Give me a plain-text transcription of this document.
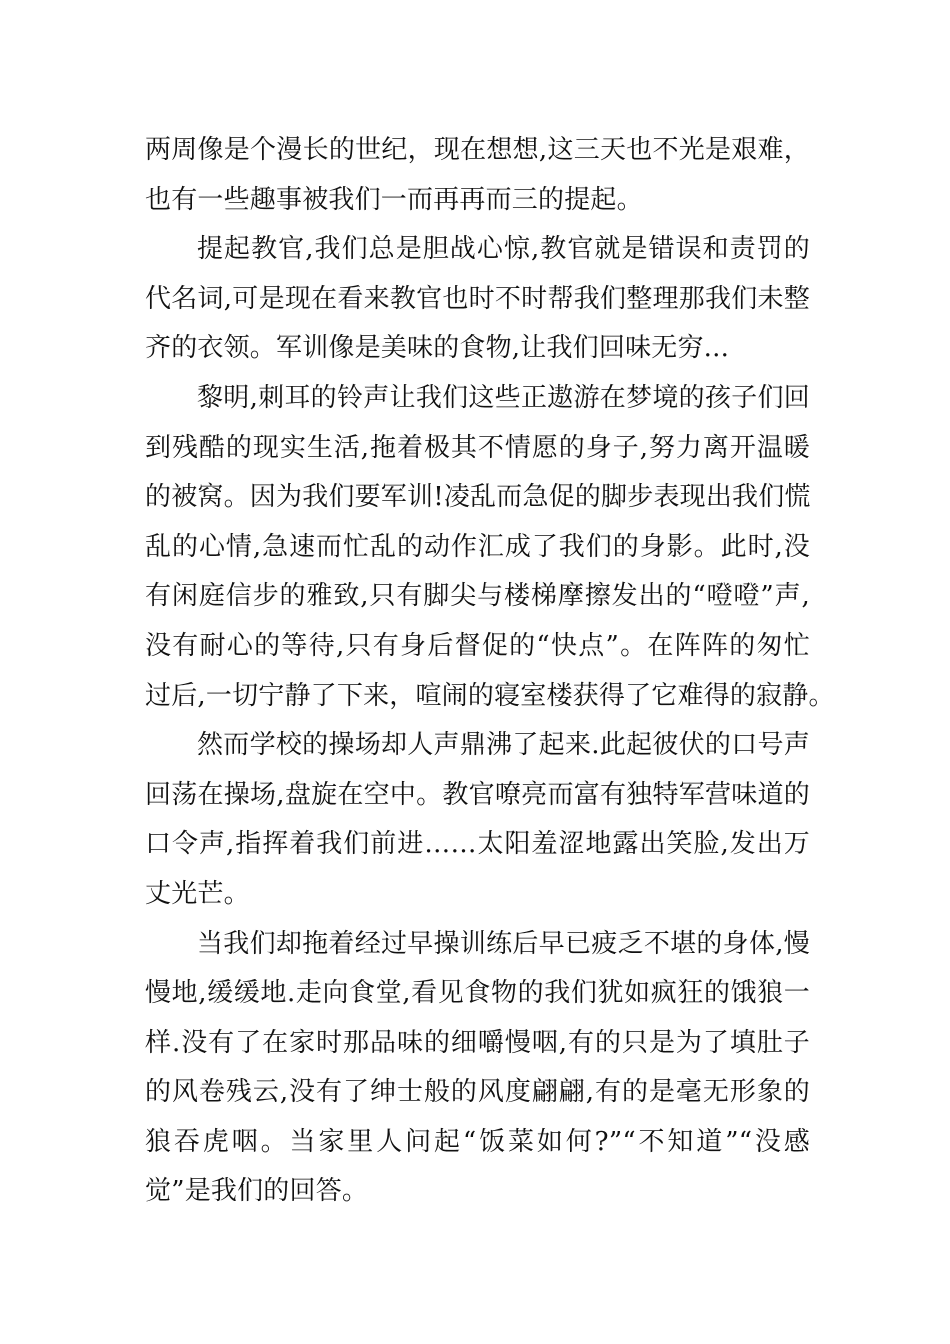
两周像是个漫长的世纪，现在想想,这三天也不光是艰难，
也有一些趣事被我们一而再再而三的提起。
提起教官,我们总是胆战心惊,教官就是错误和责罚的
代名词,可是现在看来教官也时不时帮我们整理那我们未整
齐的衣领。军训像是美味的食物,让我们回味无穷...
黎明,刺耳的铃声让我们这些正遨游在梦境的孩子们回
到残酷的现实生活,拖着极其不情愿的身子,努力离开温暖
的被窝。因为我们要军训!凌乱而急促的脚步表现出我们慌
乱的心情,急速而忙乱的动作汇成了我们的身影。此时,没
有闲庭信步的雅致,只有脚尖与楼梯摩擦发出的“噔噔”声,
没有耐心的等待,只有身后督促的“快点”。在阵阵的匆忙
过后,一切宁静了下来，喧闹的寝室楼获得了它难得的寂静。
然而学校的操场却人声鼎沸了起来.此起彼伏的口号声
回荡在操场,盘旋在空中。教官嘹亮而富有独特军营味道的
口令声,指挥着我们前进……太阳羞涩地露出笑脸,发出万
丈光芒。
当我们却拖着经过早操训练后早已疲乏不堪的身体,慢
慢地,缓缓地.走向食堂,看见食物的我们犹如疯狂的饿狼一
样.没有了在家时那品味的细嚼慢咽,有的只是为了填肚子
的风卷残云,没有了绅士般的风度翩翩,有的是毫无形象的
狼吞虎咽。当家里人问起“饭菜如何?”“不知道”“没感
觉”是我们的回答。
